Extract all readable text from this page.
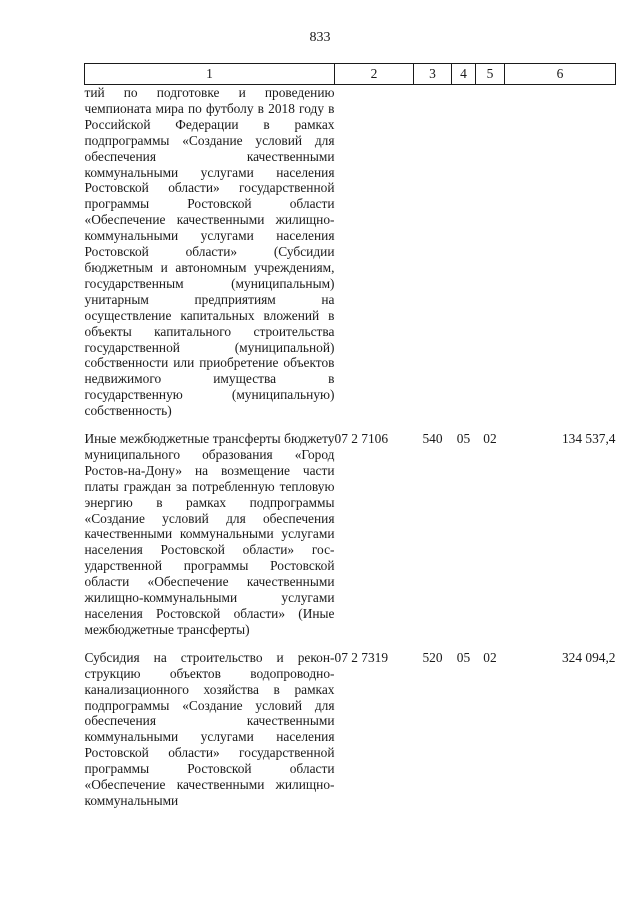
833
1	2	3	4	5	6
тий по подготовке и проведению чемпионата мира по футболу в 2018 году в Российской Федерации в рамках подпрограммы «Создание условий для обеспечения качественными коммунальными услугами населения Ростовской области» государственной программы Ростовской области «Обеспечение качественными жилищно-коммунальными услугами населения Ростовской области» (Субсидии бюджетным и автономным учреждениям, государственным (муниципальным) унитарным предприятиям на осуществление капитальных вложений в объекты капитального строительства государственной (муниципальной) собственности или приобретение объектов недвижимого имущества в государственную (муниципальную) собственность)					
Иные межбюджетные трансферты бюджету муниципального образования «Город Ростов-на-Дону» на возмещение части платы граждан за потребленную тепловую энергию в рамках подпрограммы «Создание условий для обеспечения качественными коммунальными услугами населения Ростовской области» государственной программы Ростовской области «Обеспечение качественными жилищно-коммунальными услугами населения Ростовской области» (Иные межбюджетные трансферты)	07 2 7106	540	05	02	134 537,4
Субсидия на строительство и реконструкцию объектов водопроводно-канализационного хозяйства в рамках подпрограммы «Создание условий для обеспечения качественными коммунальными услугами населения Ростовской области» государственной программы Ростовской области «Обеспечение качественными жилищно-коммунальными	07 2 7319	520	05	02	324 094,2
